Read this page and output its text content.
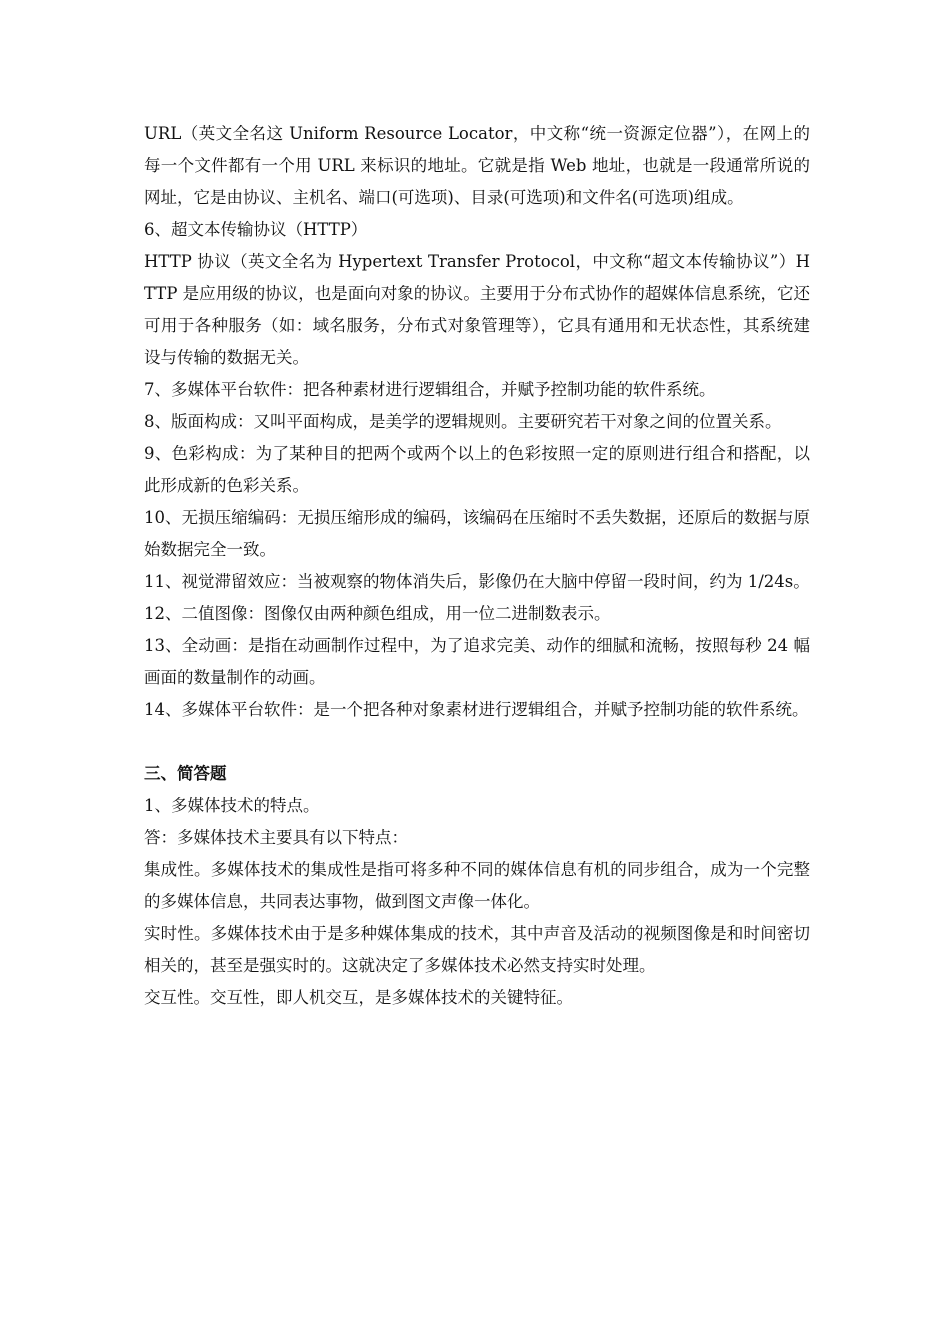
URL（英文全名这 Uniform Resource Locator，中文称“统一资源定位器”），在网上的每一个文件都有一个用 URL 来标识的地址。它就是指 Web 地址，也就是一段通常所说的网址，它是由协议、主机名、端口(可选项)、目录(可选项)和文件名(可选项)组成。

6、超文本传输协议（HTTP）

HTTP 协议（英文全名为 Hypertext Transfer Protocol，中文称“超文本传输协议”）HTTP 是应用级的协议，也是面向对象的协议。主要用于分布式协作的超媒体信息系统，它还可用于各种服务（如：域名服务，分布式对象管理等），它具有通用和无状态性，其系统建设与传输的数据无关。

7、多媒体平台软件：把各种素材进行逻辑组合，并赋予控制功能的软件系统。

8、版面构成：又叫平面构成，是美学的逻辑规则。主要研究若干对象之间的位置关系。

9、色彩构成：为了某种目的把两个或两个以上的色彩按照一定的原则进行组合和搭配，以此形成新的色彩关系。

10、无损压缩编码：无损压缩形成的编码，该编码在压缩时不丢失数据，还原后的数据与原始数据完全一致。

11、视觉滞留效应：当被观察的物体消失后，影像仍在大脑中停留一段时间，约为 1/24s。

12、二值图像：图像仅由两种颜色组成，用一位二进制数表示。

13、全动画：是指在动画制作过程中，为了追求完美、动作的细腻和流畅，按照每秒 24 幅画面的数量制作的动画。

14、多媒体平台软件：是一个把各种对象素材进行逻辑组合，并赋予控制功能的软件系统。

三、简答题

1、多媒体技术的特点。

答：多媒体技术主要具有以下特点：

集成性。多媒体技术的集成性是指可将多种不同的媒体信息有机的同步组合，成为一个完整的多媒体信息，共同表达事物，做到图文声像一体化。

实时性。多媒体技术由于是多种媒体集成的技术，其中声音及活动的视频图像是和时间密切相关的，甚至是强实时的。这就决定了多媒体技术必然支持实时处理。

交互性。交互性，即人机交互，是多媒体技术的关键特征。
